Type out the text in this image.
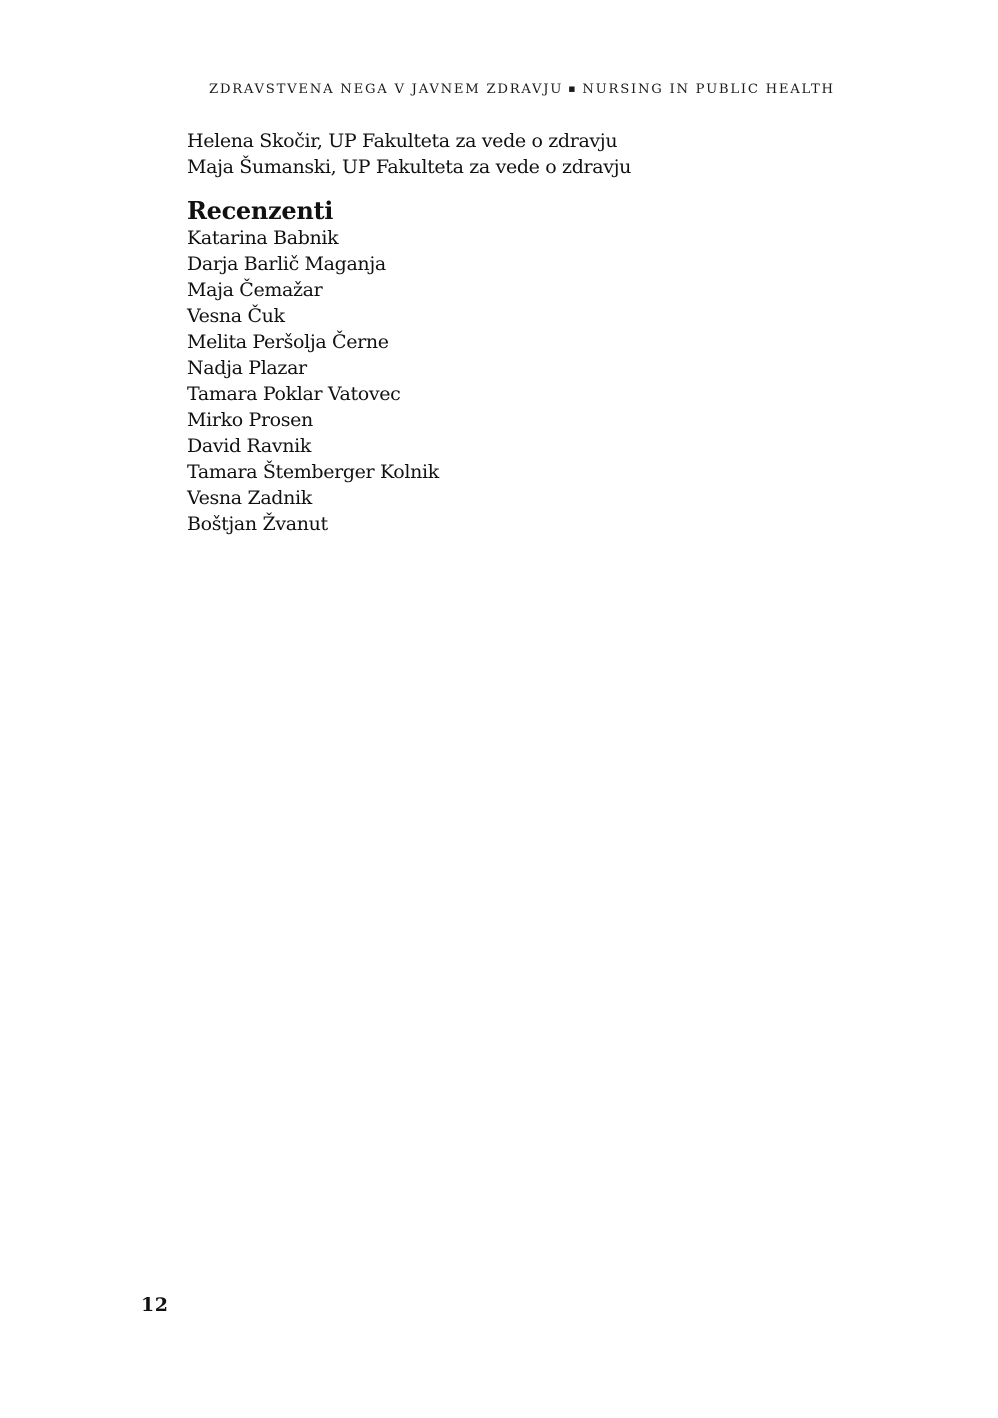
ZDRAVSTVENA NEGA V JAVNEM ZDRAVJU ▪ NURSING IN PUBLIC HEALTH
Helena Skočir, UP Fakulteta za vede o zdravju
Maja Šumanski, UP Fakulteta za vede o zdravju
Recenzenti
Katarina Babnik
Darja Barlič Maganja
Maja Čemažar
Vesna Čuk
Melita Peršolja Černe
Nadja Plazar
Tamara Poklar Vatovec
Mirko Prosen
David Ravnik
Tamara Štemberger Kolnik
Vesna Zadnik
Boštjan Žvanut
12
